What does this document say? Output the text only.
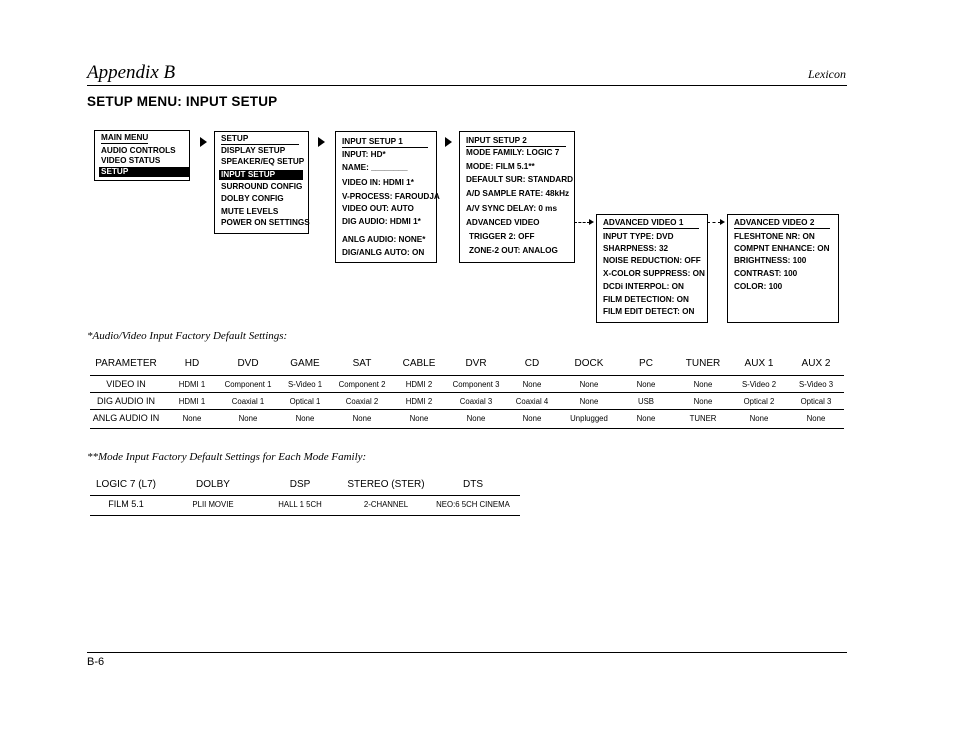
Appendix B	Lexicon
SETUP MENU: INPUT SETUP
MAIN MENU
AUDIO CONTROLS
VIDEO STATUS
SETUP
SETUP
DISPLAY SETUP
SPEAKER/EQ SETUP
INPUT SETUP
SURROUND CONFIG
DOLBY CONFIG
MUTE LEVELS
POWER ON SETTINGS
INPUT SETUP 1
INPUT: HD*
NAME: ________
VIDEO IN: HDMI 1*
V-PROCESS: FAROUDJA
VIDEO OUT: AUTO
DIG AUDIO: HDMI 1*
ANLG AUDIO: NONE*
DIG/ANLG AUTO: ON
INPUT SETUP 2
MODE FAMILY: LOGIC 7
MODE: FILM 5.1**
DEFAULT SUR: STANDARD
A/D SAMPLE RATE: 48kHz
A/V SYNC DELAY: 0 ms
ADVANCED VIDEO
TRIGGER 2: OFF
ZONE-2 OUT: ANALOG
ADVANCED VIDEO 1
INPUT TYPE: DVD
SHARPNESS: 32
NOISE REDUCTION: OFF
X-COLOR SUPPRESS: ON
DCDi INTERPOL: ON
FILM DETECTION: ON
FILM EDIT DETECT: ON
ADVANCED VIDEO 2
FLESHTONE NR: ON
COMPNT ENHANCE: ON
BRIGHTNESS: 100
CONTRAST: 100
COLOR: 100
*Audio/Video Input Factory Default Settings:
PARAMETER	HD	DVD	GAME	SAT	CABLE	DVR	CD	DOCK	PC	TUNER	AUX 1	AUX 2
VIDEO IN	HDMI 1	Component 1	S-Video 1	Component 2	HDMI 2	Component 3	None	None	None	None	S-Video 2	S-Video 3
DIG AUDIO IN	HDMI 1	Coaxial 1	Optical 1	Coaxial 2	HDMI 2	Coaxial 3	Coaxial 4	None	USB	None	Optical 2	Optical 3
ANLG AUDIO IN	None	None	None	None	None	None	None	Unplugged	None	TUNER	None	None
**Mode Input Factory Default Settings for Each Mode Family:
LOGIC 7 (L7)	DOLBY	DSP	STEREO (STER)	DTS
FILM 5.1	PLII MOVIE	HALL 1 5CH	2-CHANNEL	NEO:6 5CH CINEMA
B-6
